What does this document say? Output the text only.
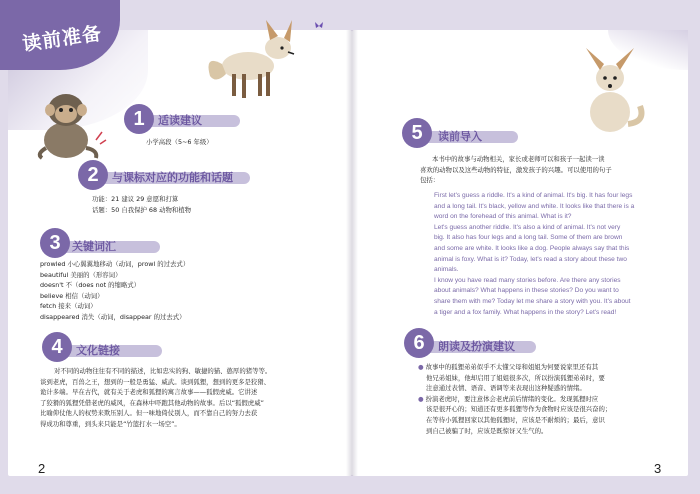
读前准备
1	适读建议
小学高段（5~6 年级）
2	与课标对应的功能和话题
功能：21 建议 29 意愿和打算
话题：50 自我保护 68 动物和植物
3	关键词汇
prowled 小心翼翼地移动（动词，prowl 的过去式）
beautiful 美丽的（形容词）
doesn't 不（does not 的缩略式）
believe 相信（动词）
fetch 接来（动词）
disappeared 消失（动词，disappear 的过去式）
4	文化链接
对不同的动物往往有不同的描述，比如忠实的狗、敏捷的猫、憨厚的猪等等。
谈到老虎，百兽之王，想到的一般是勇猛、威武。谈到狐狸，想到的更多是狡猾、
诡计多端。早在古代，就有关于老虎和狐狸的寓言故事——狐假虎威。它讲述
了狡猾的狐狸凭借老虎的威风，在森林中吓跑其他动物的故事。后以“狐假虎威”
比喻仰仗他人的权势来欺压别人。但一味地倚仗别人，而不靠自己的努力去获
得成功和尊重，到头来只能是“竹篮打水一场空”。
2
5	读前导入
本书中的故事与动物相关，家长或老师可以和孩子一起读一读
喜欢的动物以及这些动物的特征，激发孩子的兴趣。可以使用的句子
包括：
First let's guess a riddle. It's a kind of animal. It's big. It has four legs
and a long tail. It's black, yellow and white. It looks like that there is a
word on the forehead of this animal. What is it?
Let's guess another riddle. It's also a kind of animal. It's not very
big. It also has four legs and a long tail. Some of them are brown
and some are white. It looks like a dog. People always say that this
animal is foxy. What is it? Today, let's read a story about these two
animals.
I know you have read many stories before. Are there any stories
about animals? What happens in these stories? Do you want to
share them with me? Today let me share a story with you. It's about
a tiger and a fox family. What happens in the story? Let's read!
6	朗读及扮演建议
● 故事中的狐狸弟弟似乎不太懂父母和姐姐为何要说家里还有其
他兄弟姐妹，他却启用了姐姐很多次，所以扮演狐狸弟弟时，要
注意通过表情、语音、语调等来表现出这种疑惑的情绪。
● 扮演老虎时，要注意体会老虎前后情绪的变化。发现狐狸时应
该是很开心的；知道还有更多狐狸等作为食物时应该是很兴奋的；
在等待小狐狸回家以其他狐狸时，应该是不耐烦的；最后，意识
到自己被骗了时，应该是既惊讶又生气的。
3
